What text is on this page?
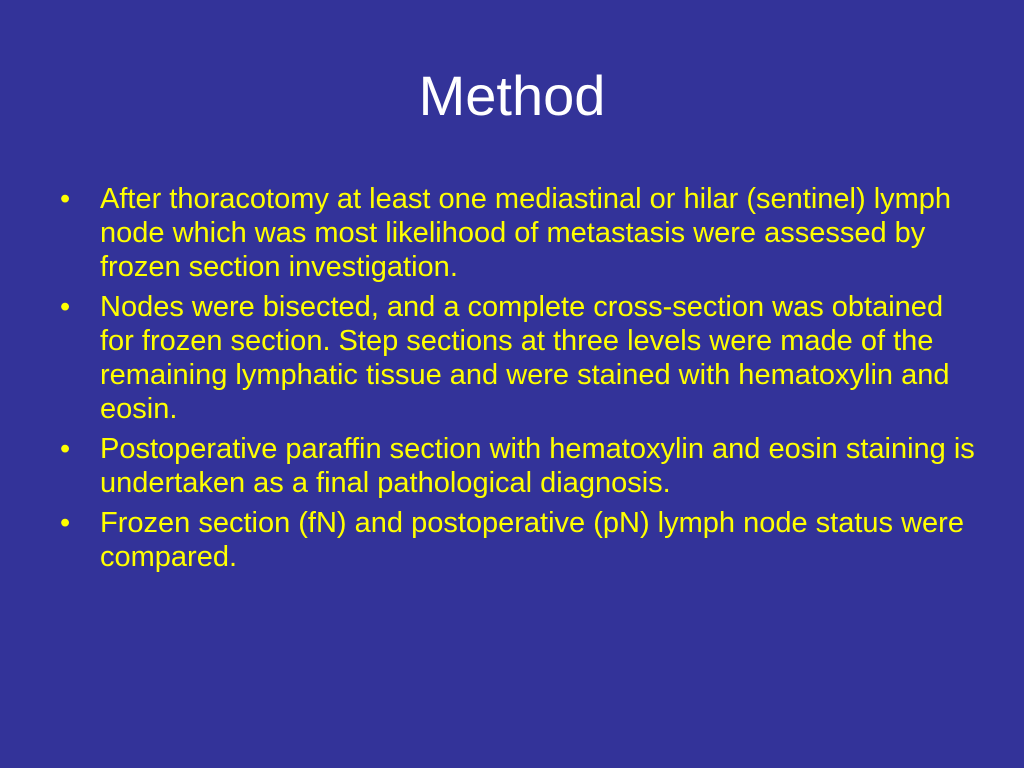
Method
•	After thoracotomy at least one mediastinal or hilar (sentinel) lymph node which was most likelihood of metastasis were assessed by frozen section investigation.
•	Nodes were bisected, and a complete cross-section was obtained for frozen section. Step sections at three levels were made of the remaining lymphatic tissue and were stained with hematoxylin and eosin.
•	Postoperative paraffin section with hematoxylin and eosin staining is undertaken as a final pathological diagnosis.
•	Frozen section (fN) and postoperative (pN) lymph node status were compared.
